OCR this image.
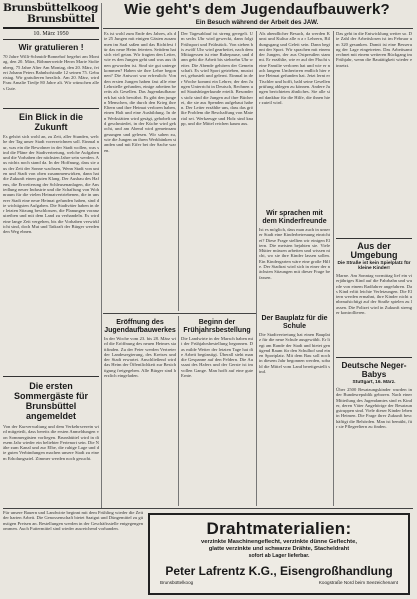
Brunsbüttelkoog
Brunsbüttel
10. März 1950
Wir gratulieren !
70 Jahre Willi-Schmidt-Bonnehof begehrt am Montag, den 20. März, Böhmerweide Herrn Marie Stoltenberg. 75 Jahre Alter Am Montag, den 20. März, feiert Johann Peters Bahnhofstraße 12 seinen 75. Geburtstag. Wir gratulieren herzlich. Am 20. März, wird Frau Amalie Tiedje 80 Jahre alt. Wir wünschen alles Gute.
Ein Blick in die Zukunft
Es gehört sich wohl an, zu Zeit, aller Stunden, welche der Tag unser Stadt vorerzeichnen soll. Einmal nur, was ein die Bewohner in der Stadt wollen, was sind die Pläne der Stadtvertretung, welche Aufgaben und die Vorhaben der nächsten Jahre sein werden. Aus nichts noch stand da. In der Hoffnung, dass sie aus der Zeit der Sonne wachsen, Wenn Stadt von unten und Stadt von oben zusammenwirken, dann hat die Zukunft einen guten Klang. Der Ausbau des Hafens, die Erweiterung der Schleusenanlagen, die Ansiedlung neuer Industrie und die Schaffung von Wohnraum für die vielen Heimatvertriebenen, die in unserer Stadt eine neue Heimat gefunden haben, sind die wichtigsten Aufgaben. Die Stadtväter haben in der letzten Sitzung beschlossen, die Planungen voranzutreiben und mit dem Land zu verhandeln. Es wird eine lange Zeit vergehen, bis die Vorhaben verwirklicht sind, doch Mut und Tatkraft der Bürger werden den Weg ebnen.
Die ersten Sommergäste für Brunsbüttel angemeldet
Von der Kurverwaltung und dem Verkehrsverein wird mitgeteilt, dass bereits die ersten Anmeldungen von Sommergästen vorliegen. Brunsbüttel wird in diesem Jahr wieder ein beliebter Ferienort sein. Die Nähe zum Kanal und zur Elbe, die ruhige Lage und die guten Verbindungen machen unsere Stadt zu einem Erholungsziel. Zimmer werden noch gesucht.
Wie geht's dem Jugendaufbauwerk?
Ein Besuch während der Arbeit des JAW.
Es ist wohl zum Ende des Jahres, als die 25 Jungen mit einigen Gästen zusammen im Saal saßen und das Richtfest für das neue Heim feierten. Seitdem hat sich viel getan. Wir fragten den Leiter, wie es den Jungen geht und was aus ihnen geworden ist. Sind sie gut untergekommen? Haben sie ihre Lehre begonnen? Die Antwort war erfreulich: Von den ersten Jungen haben fast alle eine Lehrstelle gefunden, einige arbeiten bereits als Gesellen. Das Jugendaufbauwerk hat sich bewährt. Es gibt den jungen Menschen, die durch den Krieg ihre Eltern und ihre Heimat verloren haben, einen Halt und eine Ausbildung. In den Werkstätten wird gesägt, gehobelt und geschmiedet, in der Küche wird gekocht, und am Abend wird gemeinsam gesungen und gelesen. Wir sahen zu, wie die Jungen an ihren Werkbänken standen und mit Eifer bei der Sache waren.
Der Tagesablauf ist streng geregelt. Um sechs Uhr wird geweckt, dann folgt Frühsport und Frühstück. Von sieben bis zwölf Uhr wird gearbeitet, nach dem Mittagessen ist eine Ruhepause, und dann geht die Arbeit bis siebzehn Uhr weiter. Die Abende gehören der Gemeinschaft. Es wird Sport getrieben, musiziert, gebastelt und gelernt. Einmal in der Woche kommt ein Lehrer, der den Jungen Unterricht in Deutsch, Rechnen und Staatsbürgerkunde erteilt. Besonders stolz sind die Jungen auf ihre Bücherei, die sie aus Spenden aufgebaut haben. Der Leiter erzählte uns, dass das größte Problem die Beschaffung von Material sei. Werkzeuge und Holz sind knapp, und die Mittel reichen kaum aus.
Als abendlicher Besuch, da werden Kunst und Kultur alle n a r Lehrern, Bildungsgang und Geleit sein. Dann beginnt der Sport. Wir sprachen mit einem der Jungen, der aus Ostpreußen stammt. Er erzählte, wie er auf der Flucht seine Familie verloren hat und wie er nach langem Umherirren endlich hier eine Heimat gefunden hat. Jetzt lernt er Tischler und hofft, bald seine Gesellenprüfung ablegen zu können. Andere Jungen berichteten ähnliches. Sie alle sind dankbar für die Hilfe, die ihnen hier zuteil wird.
Wir sprachen mit dem Kinderfreunde
Ist es möglich, dass man auch in unserer Stadt eine Kinderbetreuung einrichtet? Diese Frage stellten wir einigen Eltern. Die meisten bejahten sie. Viele Mütter müssen arbeiten und wissen nicht, wo sie ihre Kinder lassen sollen. Ein Kindergarten wäre eine große Hilfe. Der Stadtrat wird sich in einer der nächsten Sitzungen mit dieser Frage befassen.
Das geht in die Entwicklung weiter so. Die Zahl der Arbeitslosen ist im Februar um 320 gesunken. Damit ist eine Besserung der Lage eingetreten. Das Arbeitsamt rechnet mit einem weiteren Rückgang im Frühjahr, wenn die Bautätigkeit wieder einsetzt.
Aus der Umgebung
Die Straße ist kein Spielplatz für kleine Kinder!
Marne. Am Sonntag vormittag lief ein vierjähriges Kind auf die Fahrbahn und wurde von einem Radfahrer angefahren. Das Kind erlitt leichte Verletzungen. Die Eltern werden ermahnt, ihre Kinder nicht unbeaufsichtigt auf der Straße spielen zu lassen. Die Polizei wird in Zukunft strenger kontrollieren.
Deutsche Neger-Babys
Stuttgart, 16. März.
Über 2500 Besatzungskinder wurden in der Bundesrepublik geboren. Nach einer Mitteilung des Jugendamtes sind es Kinder, deren Väter Angehörige der Besatzungstruppen sind. Viele dieser Kinder leben in Heimen. Die Frage ihrer Zukunft beschäftigt die Behörden. Man ist bemüht, für sie Pflegeeltern zu finden.
Eröffnung des Jugendaufbauwerkes
In der Woche vom 23. bis 28. März wird die Eröffnung des neuen Heimes stattfinden. Zu der Feier werden Vertreter der Landesregierung, des Kreises und der Stadt erwartet. Anschließend wird das Heim der Öffentlichkeit zur Besichtigung freigegeben. Alle Bürger sind herzlich eingeladen.
Beginn der Frühjahrsbestellung
Die Landwirte in der Marsch haben mit der Frühjahrsbestellung begonnen. Das milde Wetter der letzten Tage hat die Arbeit begünstigt. Überall sieht man die Gespanne auf den Feldern. Die Aussaat des Hafers und der Gerste ist im vollen Gange. Man hofft auf eine gute Ernte.
Der Bauplatz für die Schule
Die Stadtvertretung hat einen Bauplatz für die neue Schule ausgewählt. Er liegt am Rande der Stadt und bietet genügend Raum für den Schulhof und einen Sportplatz. Mit dem Bau soll noch in diesem Jahr begonnen werden, sobald die Mittel vom Land bereitgestellt sind.
Für unsere Bauern und Landwirte beginnt mit dem Frühling wieder die Zeit der harten Arbeit. Die Genossenschaft bietet Saatgut und Düngemittel zu günstigen Preisen an. Bestellungen werden in der Geschäftsstelle entgegengenommen. Auch Futtermittel sind wieder ausreichend vorhanden.	Drahtmaterialien:
verzinkte Maschinengeflecht, verzinkte dünne Geflechte,
glatte verzinkte und schwarze Drähte, Stacheldraht
sofort ab Lager lieferbar.
Peter Lafrentz K.G., Eisengroßhandlung
Brunsbüttelkoog	Koogstraße Nord beim Seezeichenamt
